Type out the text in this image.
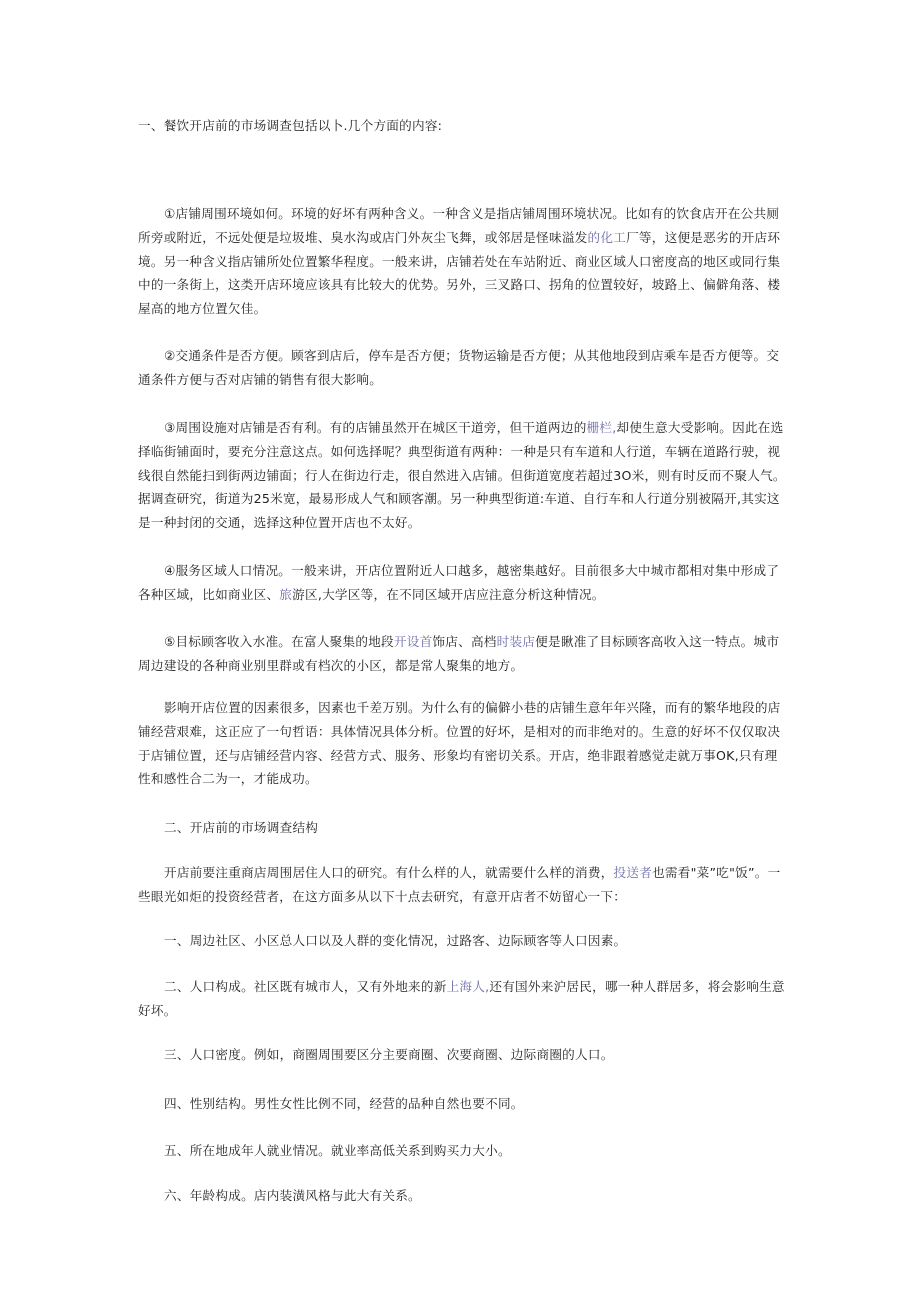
一、餐饮开店前的市场调查包括以卜.几个方面的内容:

①店铺周围环境如何。环境的好坏有两种含义。一种含义是指店铺周围环境状况。比如有的饮食店开在公共厕所旁或附近，不远处便是垃圾堆、臭水沟或店门外灰尘飞舞，或邻居是怪味溢发的化工厂等，这便是恶劣的开店环境。另一种含义指店铺所处位置繁华程度。一般来讲，店铺若处在车站附近、商业区域人口密度高的地区或同行集中的一条街上，这类开店环境应该具有比较大的优势。另外，三叉路口、拐角的位置较好，坡路上、偏僻角落、楼屋高的地方位置欠佳。

②交通条件是否方便。顾客到店后，停车是否方便；货物运输是否方便；从其他地段到店乘车是否方便等。交通条件方便与否对店铺的销售有很大影响。

③周围设施对店铺是否有利。有的店铺虽然开在城区干道旁，但干道两边的栅栏,却使生意大受影响。因此在选择临街铺面时，要充分注意这点。如何选择呢？典型街道有两种：一种是只有车道和人行道，车辆在道路行驶，视线很自然能扫到街两边铺面；行人在街边行走，很自然进入店铺。但街道宽度若超过3O米，则有时反而不聚人气。据调查研究，街道为25米宽，最易形成人气和顾客潮。另一种典型街道:车道、自行车和人行道分别被隔开,其实这是一种封闭的交通，选择这种位置开店也不太好。

④服务区域人口情况。一般来讲，开店位置附近人口越多，越密集越好。目前很多大中城市都相对集中形成了各种区域，比如商业区、旅游区,大学区等，在不同区域开店应注意分析这种情况。

⑤目标顾客收入水准。在富人聚集的地段开设首饰店、高档时装店便是瞅准了目标顾客高收入这一特点。城市周边建设的各种商业别里群或有档次的小区，都是常人聚集的地方。

影响开店位置的因素很多，因素也千差万别。为什么有的偏僻小巷的店铺生意年年兴隆，而有的繁华地段的店铺经营艰难，这正应了一句哲语：具体情况具体分析。位置的好坏，是相对的而非绝对的。生意的好坏不仅仅取决于店铺位置，还与店铺经营内容、经营方式、服务、形象均有密切关系。开店，绝非跟着感觉走就万事OK,只有理性和感性合二为一，才能成功。

二、开店前的市场调查结构

开店前要注重商店周围居住人口的研究。有什么样的人，就需要什么样的消费，投送者也需看"菜”吃"饭”。一些眼光如炬的投资经营者，在这方面多从以下十点去研究，有意开店者不妨留心一下：

一、周边社区、小区总人口以及人群的变化情况，过路客、边际顾客等人口因素。

二、人口构成。社区既有城市人，又有外地来的新上海人,还有国外来沪居民，哪一种人群居多，将会影响生意好坏。

三、人口密度。例如，商圈周围要区分主要商圈、次要商圈、边际商圈的人口。

四、性别结构。男性女性比例不同，经营的品种自然也要不同。

五、所在地成年人就业情况。就业率高低关系到购买力大小。

六、年龄构成。店内装潢风格与此大有关系。
